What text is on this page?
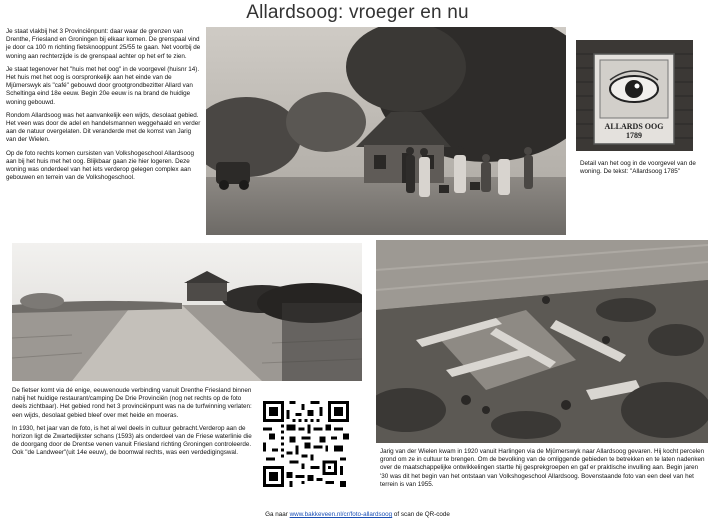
Allardsoog: vroeger en nu

Je staat vlakbij het 3 Provinciënpunt: daar waar de grenzen van Drenthe, Friesland en Groningen bij elkaar komen. De grenspaal vind je door ca 100 m richting fietsknooppunt 25/55 te gaan. Net voorbij de woning aan rechterzijde is de grenspaal achter op het erf te zien.

Je staat tegenover het "huis met het oog" in de voorgevel (huisnr 14). Het huis met het oog is oorspronkelijk aan het einde van de Mjûmerswyk als "café" gebouwd door grootgrondbezitter Allard van Scheltinga eind 18e eeuw. Begin 20e eeuw is na brand de huidige woning gebouwd.

Rondom Allardsoog was het aanvankelijk een wijds, desolaat gebied. Het veen was door de adel en handelsmannen weggehaald en verder aan de natuur overgelaten. Dit veranderde met de komst van Jarig van der Wielen.

Op de foto rechts komen cursisten van Volkshogeschool Allardsoog aan bij het huis met het oog. Blijkbaar gaan zie hier logeren. Deze woning was onderdeel van het iets verderop gelegen complex aan gebouwen en terrein van de Volkshogeschool.

ALLARDS OOG
1789
Detail van het oog in de voorgevel van de woning. De tekst: "Allardsoog 1785"

De fietser komt via dé enige, eeuwenoude verbinding vanuit Drenthe Friesland binnen nabij het huidige restaurant/camping De Drie Provinciën (nog net rechts op de foto deels zichtbaar). Het gebied rond het 3 provinciënpunt was na de turfwinning verlaten: een wijds, desolaat gebied bleef over met heide en moeras.

In 1930, het jaar van de foto, is het al wel deels in cultuur gebracht.Verderop aan de horizon ligt de Zwartedijkster schans (1593) als onderdeel van de Friese waterlinie die de doorgang door de Drentse venen vanuit Friesland richting Groningen controleerde. Ook "de Landweer"(uit 14e eeuw), de boomwal rechts, was een verdedigingswal.	Jarig van der Wielen kwam in 1920 vanuit Harlingen via de Mjûmerswyk naar Allardsoog gevaren. Hij kocht percelen grond om ze in cultuur te brengen. Om de bevolking van de omliggende gebieden te betrekken en te laten nadenken over de maatschappelijke ontwikkelingen startte hij gesprekgroepen en gaf er praktische invulling aan. Begin jaren '30 was dit het begin van het ontstaan van Volkshogeschool Allardsoog. Bovenstaande foto van een deel van het terrein is van 1955.
Ga naar www.bakkeveen.nl/cr/foto-allardsoog of scan de QR-code
